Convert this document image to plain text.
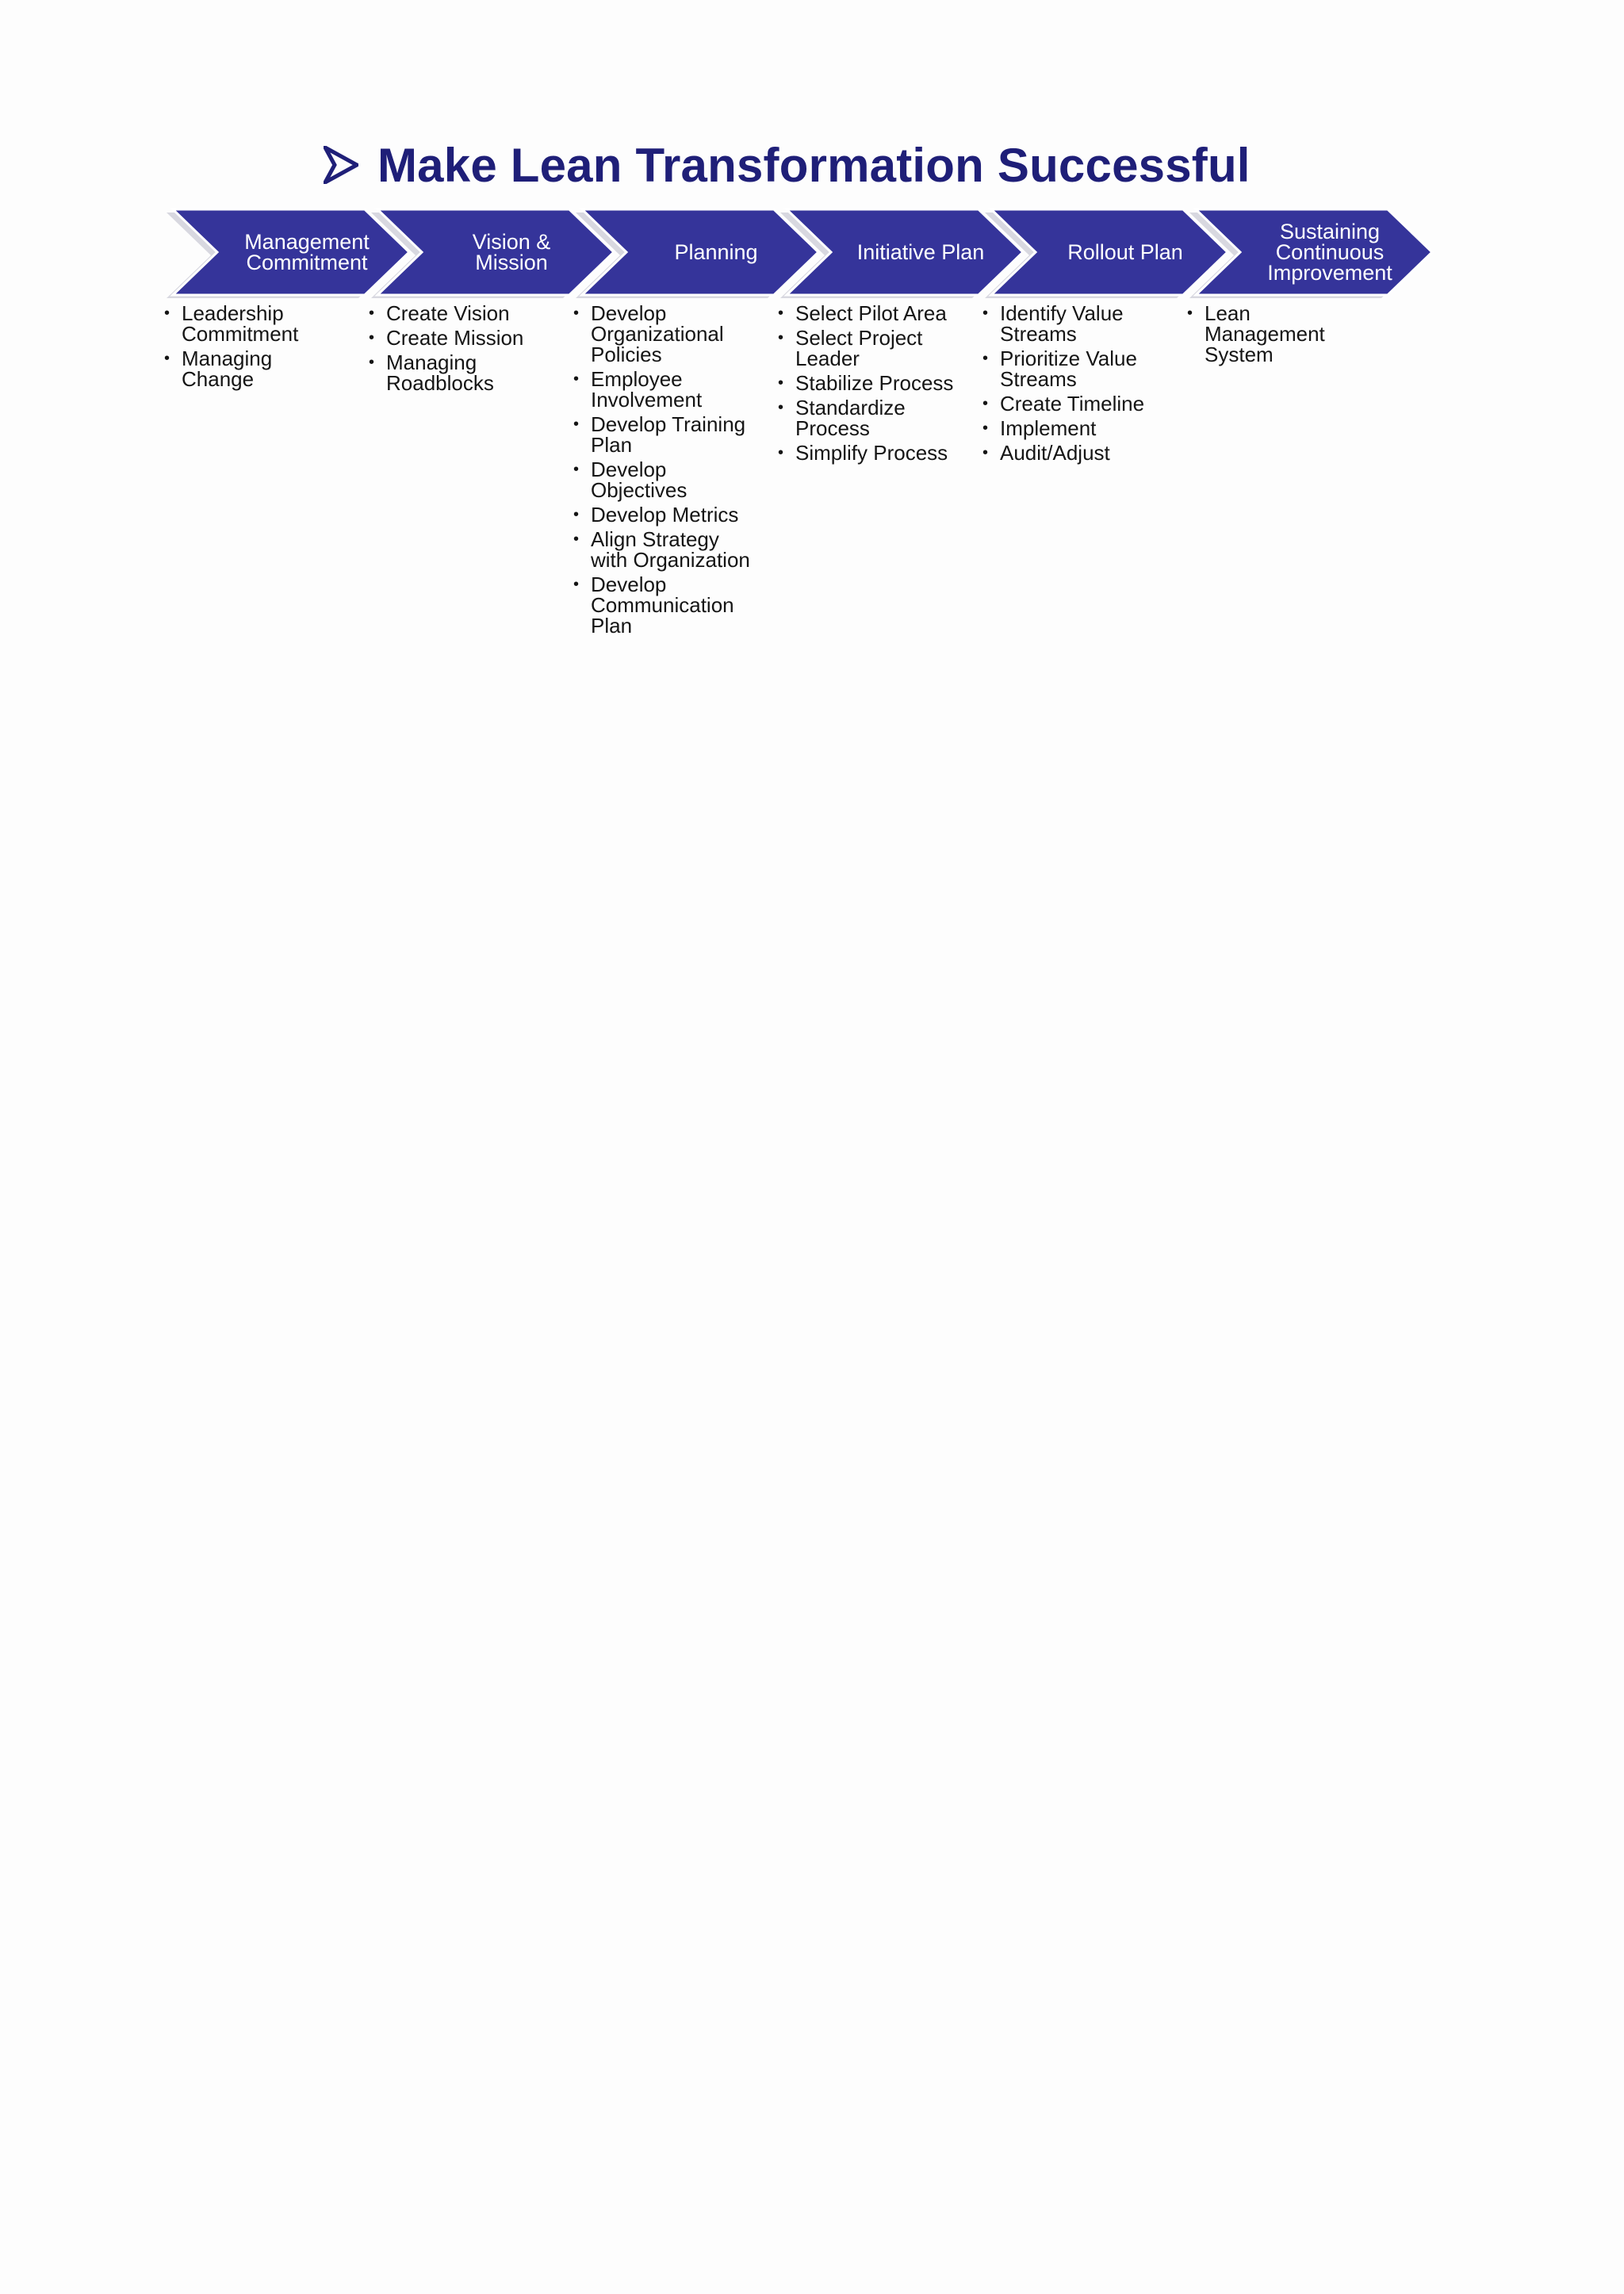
Make Lean Transformation Successful
Management
Commitment
Vision &
Mission	Planning	Initiative Plan	Rollout Plan
Sustaining
Continuous
Improvement
• Leadership
Commitment
• Managing
Change
• Create Vision
• Create Mission
• Managing
Roadblocks
• Develop
Organizational
Policies
• Employee
Involvement
• Develop Training
Plan
• Develop
Objectives
• Develop Metrics
• Align Strategy
with Organization
• Develop
Communication
Plan
• Select Pilot Area
• Select Project
Leader
• Stabilize Process
• Standardize
Process
• Simplify Process
• Identify Value
Streams
• Prioritize Value
Streams
• Create Timeline
• Implement
• Audit/Adjust
• Lean
Management
System
